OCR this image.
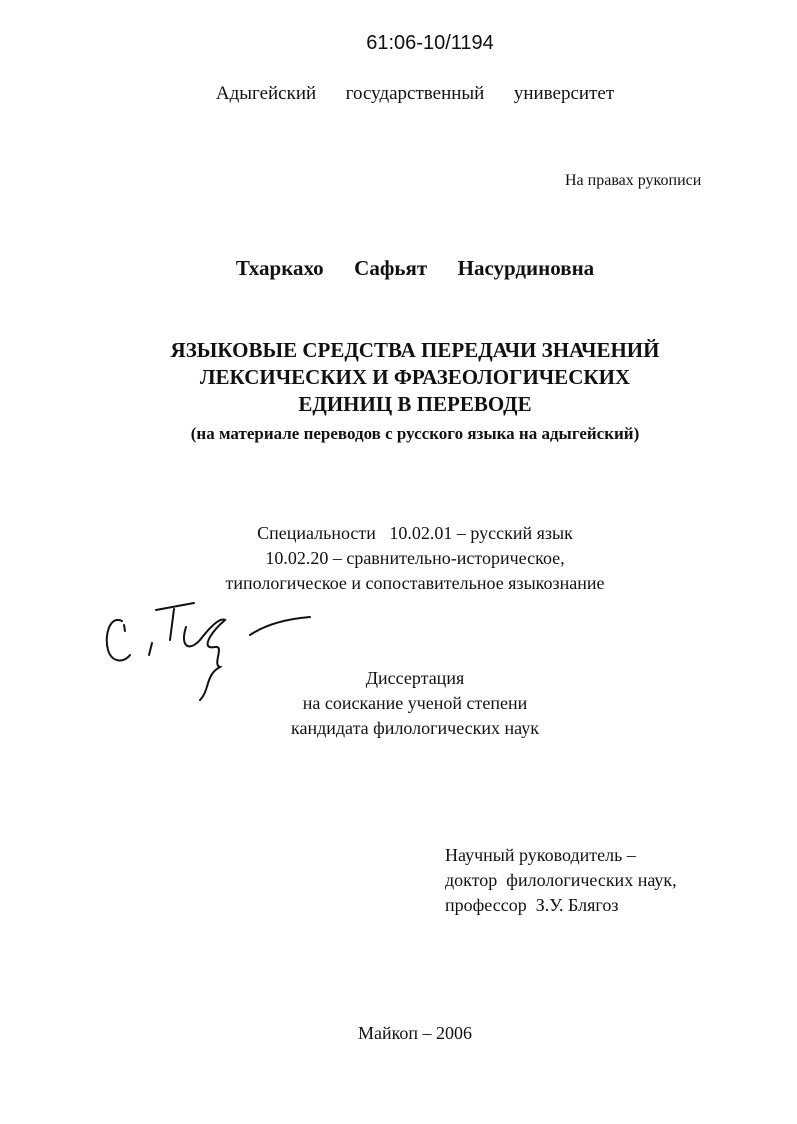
61:06-10/1194
Адыгейский  государственный  университет
На правах рукописи
Тхаркахо  Сафьят  Насурдиновна
ЯЗЫКОВЫЕ СРЕДСТВА ПЕРЕДАЧИ ЗНАЧЕНИЙ
ЛЕКСИЧЕСКИХ И ФРАЗЕОЛОГИЧЕСКИХ
ЕДИНИЦ В ПЕРЕВОДЕ
(на материале переводов с русского языка на адыгейский)
Специальности   10.02.01 – русский язык
10.02.20 – сравнительно-историческое,
типологическое и сопоставительное языкознание
Диссертация
на соискание ученой степени
кандидата филологических наук
Научный руководитель –
доктор  филологических наук,
профессор  З.У. Блягоз
Майкоп – 2006
